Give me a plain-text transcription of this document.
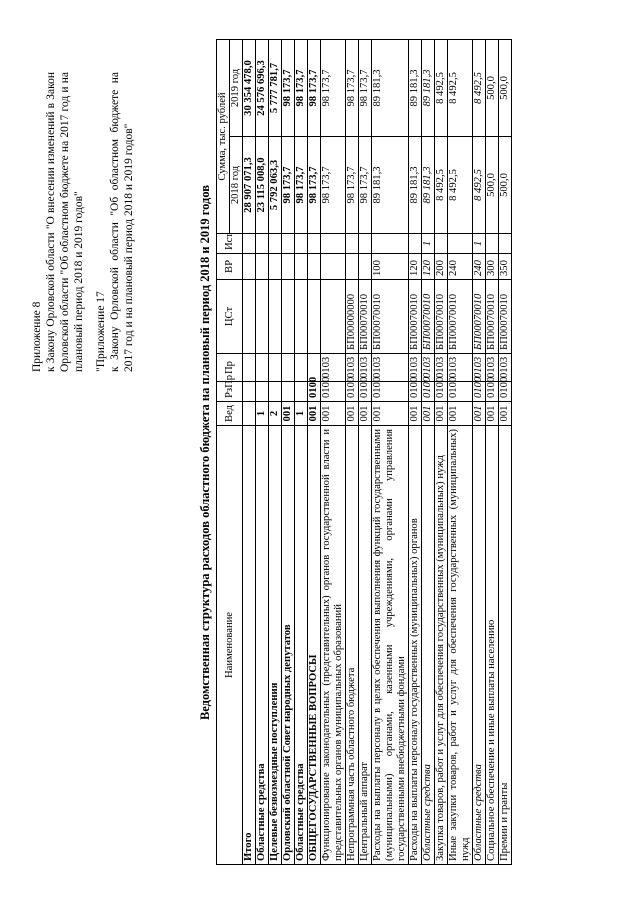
Приложение 8 к Закону Орловской области "О внесении изменений в Закон Орловской области "Об областном бюджете на 2017 год и на плановый период 2018 и 2019 годов" "Приложение 17 к Закону Орловской области "Об областном бюджете на 2017 год и на плановый период 2018 и 2019 годов"	Ведомственная структура расходов областного бюджета на плановый период 2018 и 2019 годов Наименование	Вед	РзПр	Пр	ЦСт	ВР	Ист	Сумма, тыс. рублей	
							2018 год	2019 год
Итого							28 907 071,3	30 354 478,0
Областные средства	1						23 115 008,0	24 576 696,3
Целевые безвозмездные поступления	2						5 792 063,3	5 777 781,7
Орловский областной Совет народных депутатов	001						98 173,7	98 173,7
Областные средства	1						98 173,7	98 173,7
ОБЩЕГОСУДАРСТВЕННЫЕ ВОПРОСЫ	001	0100					98 173,7	98 173,7
Функционирование законодательных (представительных) органов государственной власти и представительных органов муниципальных образований	001	0100	0103				98 173,7	98 173,7
Непрограммная часть областного бюджета	001	0100	0103	БП00000000			98 173,7	98 173,7
Центральный аппарат	001	0100	0103	БП00070010			98 173,7	98 173,7
Расходы на выплаты персоналу в целях обеспечения выполнения функций государственными (муниципальными) органами, казенными учреждениями, органами управления государственными внебюджетными фондами	001	0100	0103	БП00070010	100		89 181,3	89 181,3
Расходы на выплаты персоналу государственных (муниципальных) органов	001	0100	0103	БП00070010	120		89 181,3	89 181,3
Областные средства	001	0100	0103	БП00070010	120	1	89 181,3	89 181,3
Закупка товаров, работ и услуг для обеспечения государственных (муниципальных) нужд	001	0100	0103	БП00070010	200		8 492,5	8 492,5
Иные закупки товаров, работ и услуг для обеспечения государственных (муниципальных) нужд	001	0100	0103	БП00070010	240		8 492,5	8 492,5
Областные средства	001	0100	0103	БП00070010	240	1	8 492,5	8 492,5
Социальное обеспечение и иные выплаты населению	001	0100	0103	БП00070010	300		500,0	500,0
Премии и гранты	001	0100	0103	БП00070010	350		500,0	500,0
